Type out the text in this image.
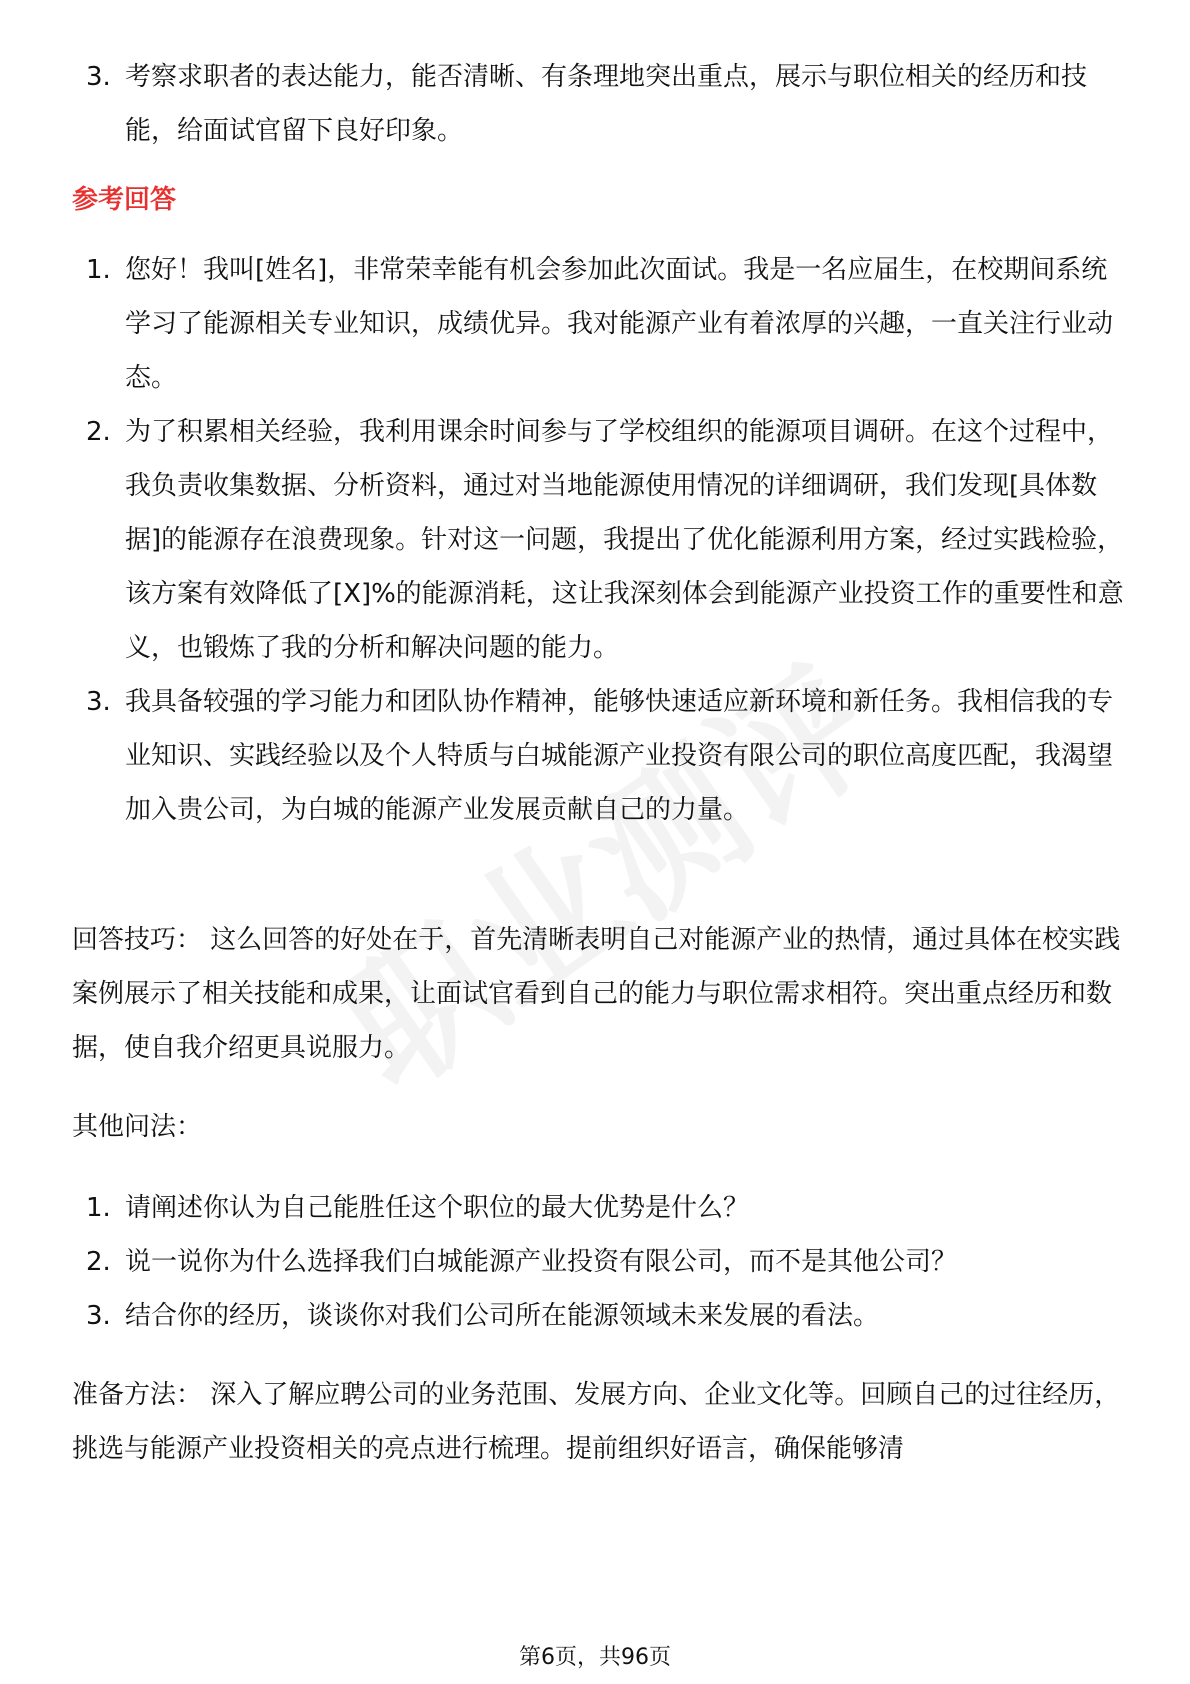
3. 考察求职者的表达能力，能否清晰、有条理地突出重点，展示与职位相关的经历和技能，给面试官留下良好印象。
参考回答
1. 您好！我叫[姓名]，非常荣幸能有机会参加此次面试。我是一名应届生，在校期间系统学习了能源相关专业知识，成绩优异。我对能源产业有着浓厚的兴趣，一直关注行业动态。
2. 为了积累相关经验，我利用课余时间参与了学校组织的能源项目调研。在这个过程中，我负责收集数据、分析资料，通过对当地能源使用情况的详细调研，我们发现[具体数据]的能源存在浪费现象。针对这一问题，我提出了优化能源利用方案，经过实践检验，该方案有效降低了[X]%的能源消耗，这让我深刻体会到能源产业投资工作的重要性和意义，也锻炼了我的分析和解决问题的能力。
3. 我具备较强的学习能力和团队协作精神，能够快速适应新环境和新任务。我相信我的专业知识、实践经验以及个人特质与白城能源产业投资有限公司的职位高度匹配，我渴望加入贵公司，为白城的能源产业发展贡献自己的力量。
回答技巧： 这么回答的好处在于，首先清晰表明自己对能源产业的热情，通过具体在校实践案例展示了相关技能和成果，让面试官看到自己的能力与职位需求相符。突出重点经历和数据，使自我介绍更具说服力。
其他问法：
1. 请阐述你认为自己能胜任这个职位的最大优势是什么？
2. 说一说你为什么选择我们白城能源产业投资有限公司，而不是其他公司？
3. 结合你的经历，谈谈你对我们公司所在能源领域未来发展的看法。
准备方法： 深入了解应聘公司的业务范围、发展方向、企业文化等。回顾自己的过往经历，挑选与能源产业投资相关的亮点进行梳理。提前组织好语言，确保能够清
第6页，共96页
